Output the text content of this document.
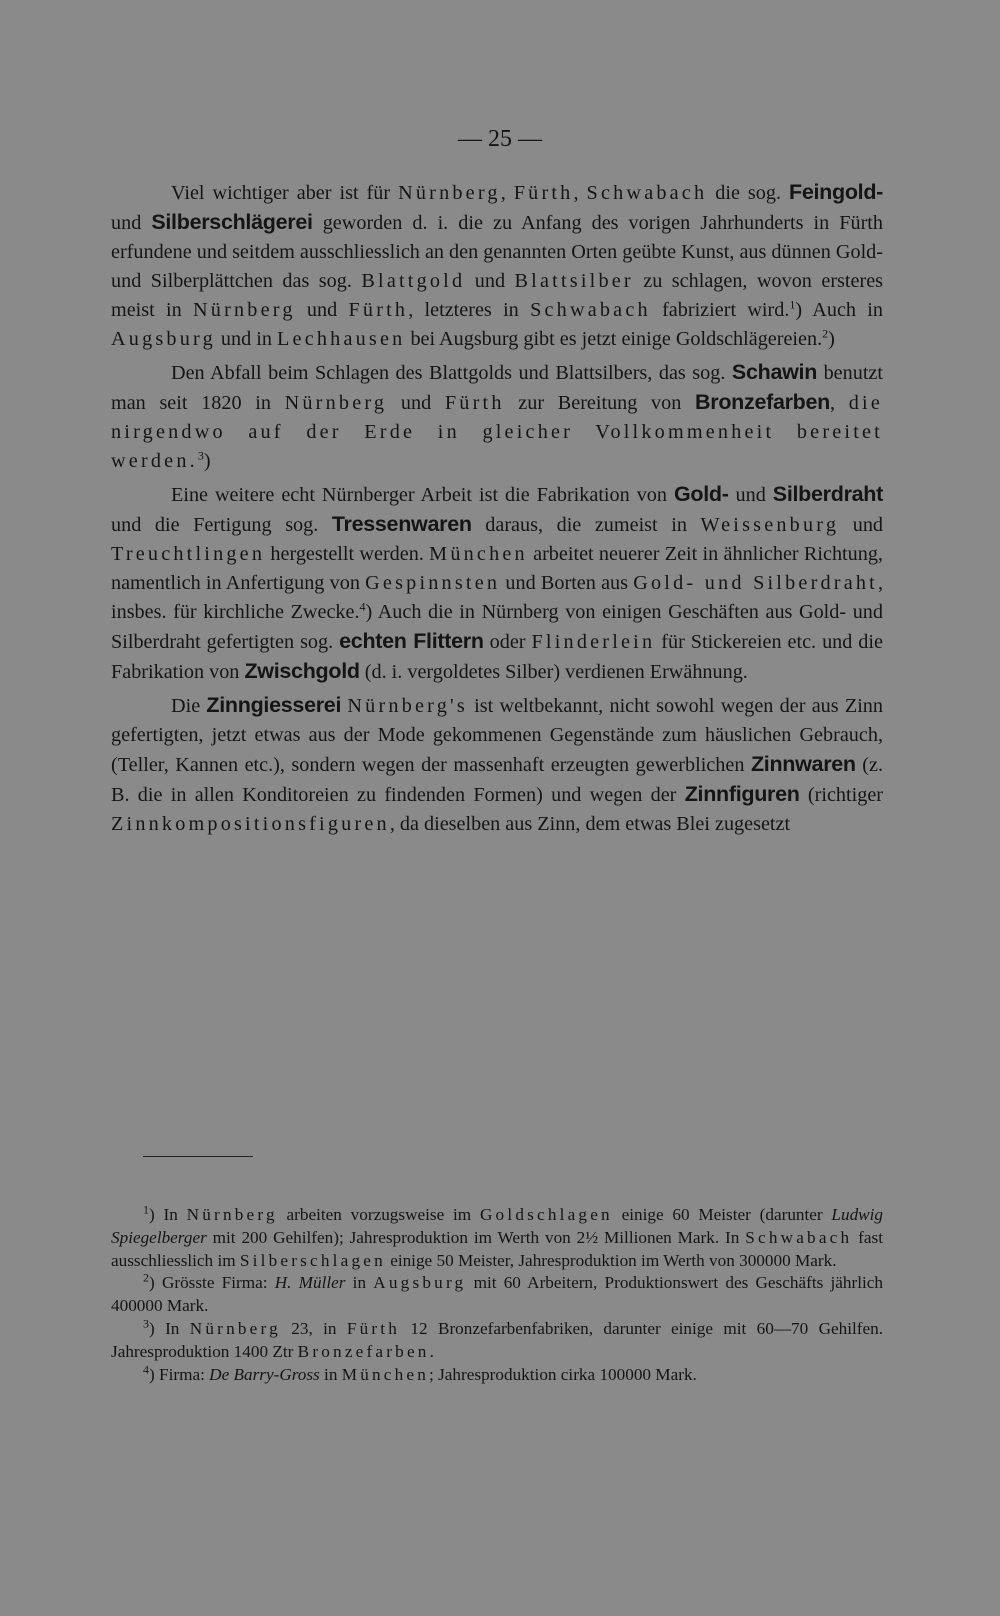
— 25 —

Viel wichtiger aber ist für Nürnberg, Fürth, Schwabach die sog. Feingold- und Silberschlägerei geworden d. i. die zu Anfang des vorigen Jahrhunderts in Fürth erfundene und seitdem ausschliesslich an den genannten Orten geübte Kunst, aus dünnen Gold- und Silberplättchen das sog. Blattgold und Blattsilber zu schlagen, wovon ersteres meist in Nürnberg und Fürth, letzteres in Schwabach fabriziert wird.$^1$) Auch in Augsburg und in Lechhausen bei Augsburg gibt es jetzt einige Goldschlägereien.$^2$)

Den Abfall beim Schlagen des Blattgolds und Blattsilbers, das sog. Schawin benutzt man seit 1820 in Nürnberg und Fürth zur Bereitung von Bronzefarben, die nirgendwo auf der Erde in gleicher Vollkommenheit bereitet werden.$^3$)

Eine weitere echt Nürnberger Arbeit ist die Fabrikation von Gold- und Silberdraht und die Fertigung sog. Tressenwaren daraus, die zumeist in Weissenburg und Treuchtlingen hergestellt werden. München arbeitet neuerer Zeit in ähnlicher Richtung, namentlich in Anfertigung von Gespinnsten und Borten aus Gold- und Silberdraht, insbes. für kirchliche Zwecke.$^4$) Auch die in Nürnberg von einigen Geschäften aus Gold- und Silberdraht gefertigten sog. echten Flittern oder Flinderlein für Stickereien etc. und die Fabrikation von Zwischgold (d. i. vergoldetes Silber) verdienen Erwähnung.

Die Zinngiesserei Nürnberg's ist weltbekannt, nicht sowohl wegen der aus Zinn gefertigten, jetzt etwas aus der Mode gekommenen Gegenstände zum häuslichen Gebrauch, (Teller, Kannen etc.), sondern wegen der massenhaft erzeugten gewerblichen Zinnwaren (z. B. die in allen Konditoreien zu findenden Formen) und wegen der Zinnfiguren (richtiger Zinnkompositionsfiguren, da dieselben aus Zinn, dem etwas Blei zugesetzt

$^1$) In Nürnberg arbeiten vorzugsweise im Goldschlagen einige 60 Meister (darunter Ludwig Spiegelberger mit 200 Gehilfen); Jahresproduktion im Werth von 2½ Millionen Mark. In Schwabach fast ausschliesslich im Silberschlagen einige 50 Meister, Jahresproduktion im Werth von 300000 Mark.

$^2$) Grösste Firma: H. Müller in Augsburg mit 60 Arbeitern, Produktionswert des Geschäfts jährlich 400000 Mark.

$^3$) In Nürnberg 23, in Fürth 12 Bronzefarbenfabriken, darunter einige mit 60—70 Gehilfen. Jahresproduktion 1400 Ztr Bronzefarben.

$^4$) Firma: De Barry-Gross in München; Jahresproduktion cirka 100000 Mark.
